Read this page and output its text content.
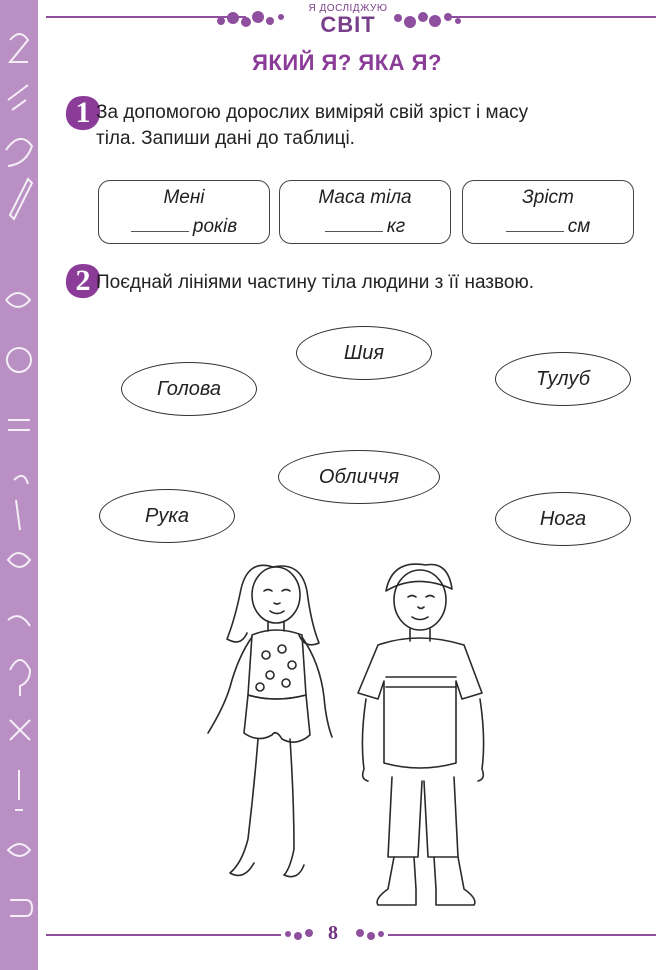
Я ДОСЛІДЖУЮ
СВІТ
ЯКИЙ Я? ЯКА Я?
1 За допомогою дорослих виміряй свій зріст і масу
тіла. Запиши дані до таблиці.
Мені
років
Маса тіла
кг
Зріст
см
2 Поєднай лініями частину тіла людини з її назвою.
Шия
Голова	Тулуб
Обличчя
Рука	Нога
8
